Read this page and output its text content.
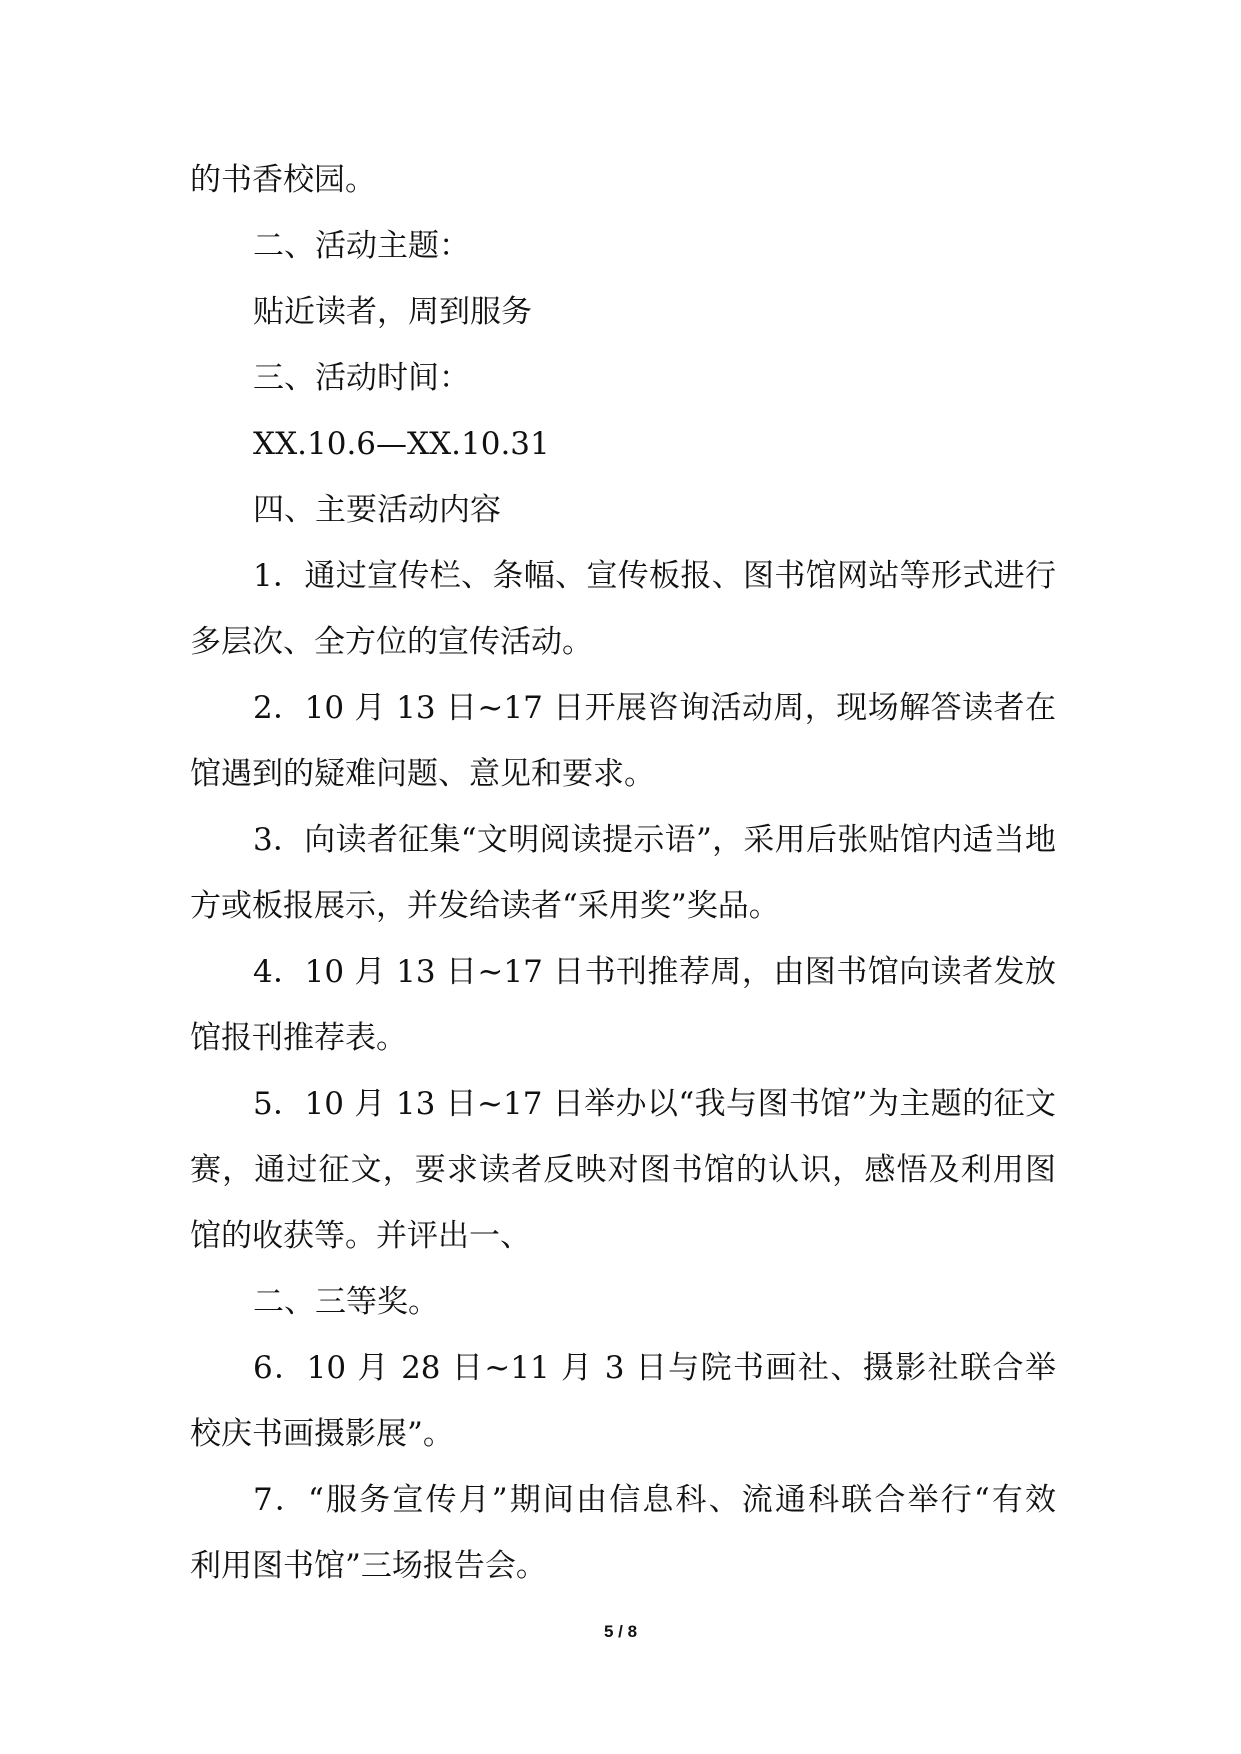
的书香校园。
二、活动主题：
贴近读者，周到服务
三、活动时间：
XX.10.6—XX.10.31
四、主要活动内容
1．通过宣传栏、条幅、宣传板报、图书馆网站等形式进行
多层次、全方位的宣传活动。
2．10 月 13 日~17 日开展咨询活动周，现场解答读者在
馆遇到的疑难问题、意见和要求。
3．向读者征集“文明阅读提示语”，采用后张贴馆内适当地
方或板报展示，并发给读者“采用奖”奖品。
4．10 月 13 日~17 日书刊推荐周，由图书馆向读者发放
馆报刊推荐表。
5．10 月 13 日~17 日举办以“我与图书馆”为主题的征文
赛，通过征文，要求读者反映对图书馆的认识，感悟及利用图
馆的收获等。并评出一、
二、三等奖。
6．10 月 28 日~11 月 3 日与院书画社、摄影社联合举
校庆书画摄影展”。
7．“服务宣传月”期间由信息科、流通科联合举行“有效
利用图书馆”三场报告会。
5 / 8
